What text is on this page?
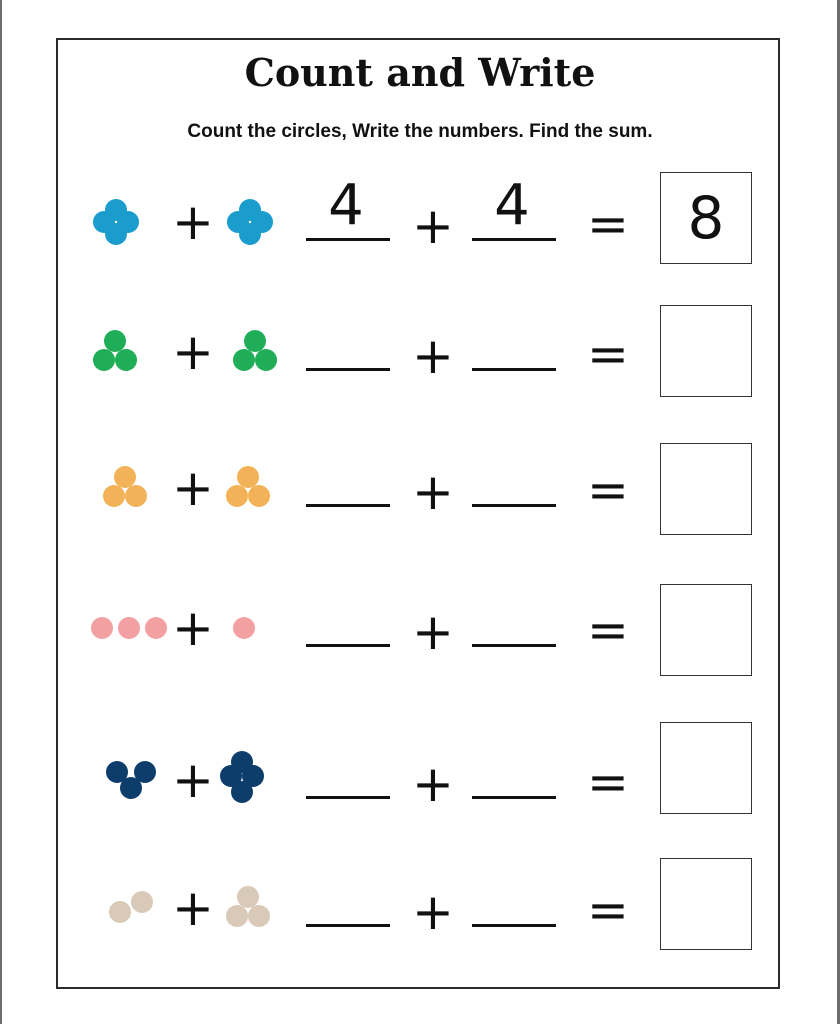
Count and Write
Count the circles, Write the numbers. Find the sum.
+	4 + 4	=	8
+	+	=
+	+	=
+	+	=
+	+	=
+	+	=
